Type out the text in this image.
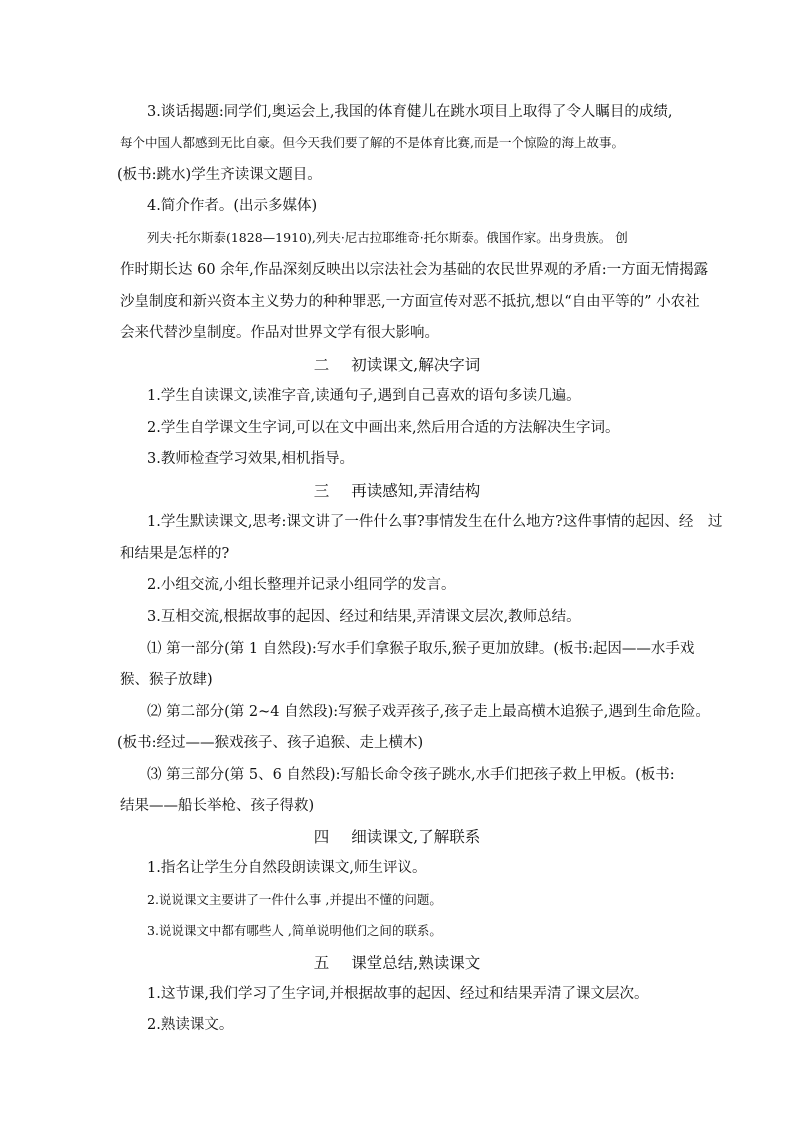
3.谈话揭题:同学们,奥运会上,我国的体育健儿在跳水项目上取得了令人瞩目的成绩,
每个中国人都感到无比自豪。但今天我们要了解的不是体育比赛,而是一个惊险的海上故事。
(板书:跳水)学生齐读课文题目。
4.简介作者。(出示多媒体)
列夫·托尔斯泰(1828—1910),列夫·尼古拉耶维奇·托尔斯泰。俄国作家。出身贵族。 创
作时期长达 60 余年,作品深刻反映出以宗法社会为基础的农民世界观的矛盾:一方面无情揭露
沙皇制度和新兴资本主义势力的种种罪恶,一方面宣传对恶不抵抗,想以“自由平等的” 小农社
会来代替沙皇制度。作品对世界文学有很大影响。
二 初读课文,解决字词
1.学生自读课文,读准字音,读通句子,遇到自己喜欢的语句多读几遍。
2.学生自学课文生字词,可以在文中画出来,然后用合适的方法解决生字词。
3.教师检查学习效果,相机指导。
三 再读感知,弄清结构
1.学生默读课文,思考:课文讲了一件什么事?事情发生在什么地方?这件事情的起因、经　过
和结果是怎样的?
2.小组交流,小组长整理并记录小组同学的发言。
3.互相交流,根据故事的起因、经过和结果,弄清课文层次,教师总结。
⑴ 第一部分(第 1 自然段):写水手们拿猴子取乐,猴子更加放肆。(板书:起因——水手戏
猴、猴子放肆)
⑵ 第二部分(第 2~4 自然段):写猴子戏弄孩子,孩子走上最高横木追猴子,遇到生命危险。
(板书:经过——猴戏孩子、孩子追猴、走上横木)
⑶ 第三部分(第 5、6 自然段):写船长命令孩子跳水,水手们把孩子救上甲板。(板书:
结果——船长举枪、孩子得救)
四 细读课文,了解联系
1.指名让学生分自然段朗读课文,师生评议。
2.说说课文主要讲了一件什么事 ,并提出不懂的问题。
3.说说课文中都有哪些人 ,简单说明他们之间的联系。
五 课堂总结,熟读课文
1.这节课,我们学习了生字词,并根据故事的起因、经过和结果弄清了课文层次。
2.熟读课文。
